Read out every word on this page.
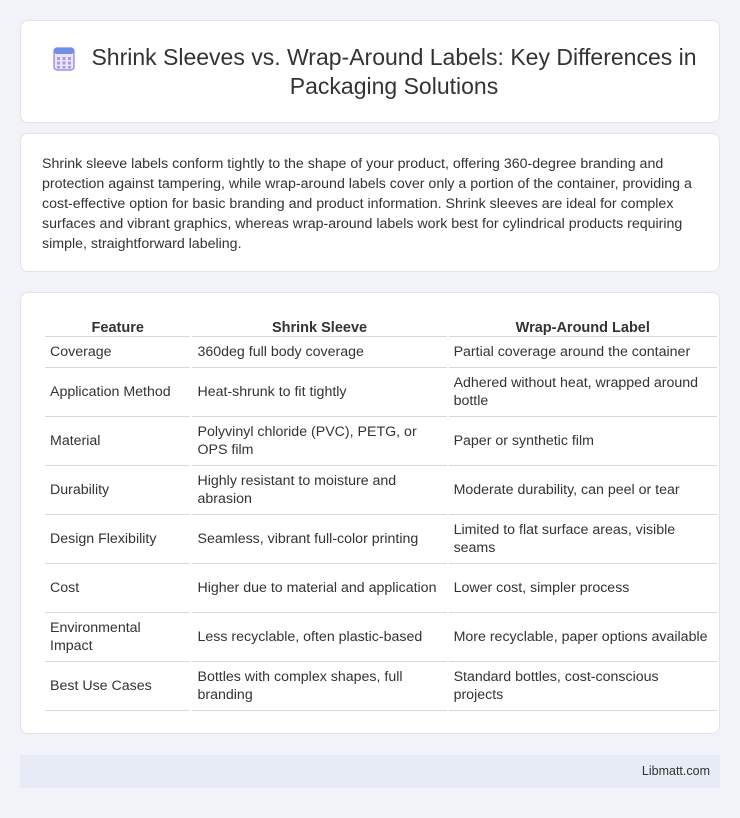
Shrink Sleeves vs. Wrap-Around Labels: Key Differences in Packaging Solutions

Shrink sleeve labels conform tightly to the shape of your product, offering 360-degree branding and protection against tampering, while wrap-around labels cover only a portion of the container, providing a cost-effective option for basic branding and product information. Shrink sleeves are ideal for complex surfaces and vibrant graphics, whereas wrap-around labels work best for cylindrical products requiring simple, straightforward labeling.

Feature	Shrink Sleeve	Wrap-Around Label
Coverage	360deg full body coverage	Partial coverage around the container
Application Method	Heat-shrunk to fit tightly	Adhered without heat, wrapped around bottle
Material	Polyvinyl chloride (PVC), PETG, or OPS film	Paper or synthetic film
Durability	Highly resistant to moisture and abrasion	Moderate durability, can peel or tear
Design Flexibility	Seamless, vibrant full-color printing	Limited to flat surface areas, visible seams
Cost	Higher due to material and application	Lower cost, simpler process
Environmental Impact	Less recyclable, often plastic-based	More recyclable, paper options available
Best Use Cases	Bottles with complex shapes, full branding	Standard bottles, cost-conscious projects
Libmatt.com
